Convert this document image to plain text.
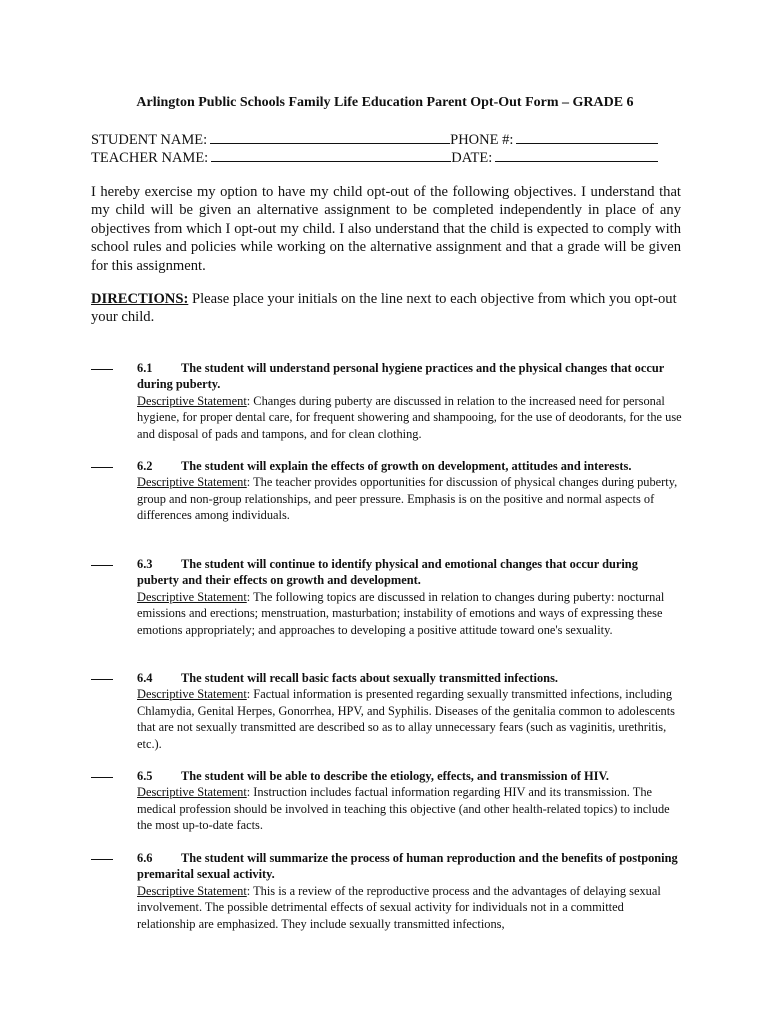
Arlington Public Schools Family Life Education Parent Opt-Out Form – GRADE 6
STUDENT NAME:	PHONE #:
TEACHER NAME:	DATE:

I hereby exercise my option to have my child opt-out of the following objectives. I understand that my child will be given an alternative assignment to be completed independently in place of any objectives from which I opt-out my child. I also understand that the child is expected to comply with school rules and policies while working on the alternative assignment and that a grade will be given for this assignment.

DIRECTIONS: Please place your initials on the line next to each objective from which you opt-out your child.

6.1 The student will understand personal hygiene practices and the physical changes that occur during puberty.

Descriptive Statement: Changes during puberty are discussed in relation to the increased need for personal hygiene, for proper dental care, for frequent showering and shampooing, for the use of deodorants, for the use and disposal of pads and tampons, and for clean clothing.

6.2 The student will explain the effects of growth on development, attitudes and interests.

Descriptive Statement: The teacher provides opportunities for discussion of physical changes during puberty, group and non-group relationships, and peer pressure. Emphasis is on the positive and normal aspects of differences among individuals.

6.3 The student will continue to identify physical and emotional changes that occur during puberty and their effects on growth and development.

Descriptive Statement: The following topics are discussed in relation to changes during puberty: nocturnal emissions and erections; menstruation, masturbation; instability of emotions and ways of expressing these emotions appropriately; and approaches to developing a positive attitude toward one's sexuality.

6.4 The student will recall basic facts about sexually transmitted infections.

Descriptive Statement: Factual information is presented regarding sexually transmitted infections, including Chlamydia, Genital Herpes, Gonorrhea, HPV, and Syphilis. Diseases of the genitalia common to adolescents that are not sexually transmitted are described so as to allay unnecessary fears (such as vaginitis, urethritis, etc.).

6.5 The student will be able to describe the etiology, effects, and transmission of HIV.

Descriptive Statement: Instruction includes factual information regarding HIV and its transmission. The medical profession should be involved in teaching this objective (and other health-related topics) to include the most up-to-date facts.

6.6 The student will summarize the process of human reproduction and the benefits of postponing premarital sexual activity.

Descriptive Statement: This is a review of the reproductive process and the advantages of delaying sexual involvement. The possible detrimental effects of sexual activity for individuals not in a committed relationship are emphasized. They include sexually transmitted infections,
